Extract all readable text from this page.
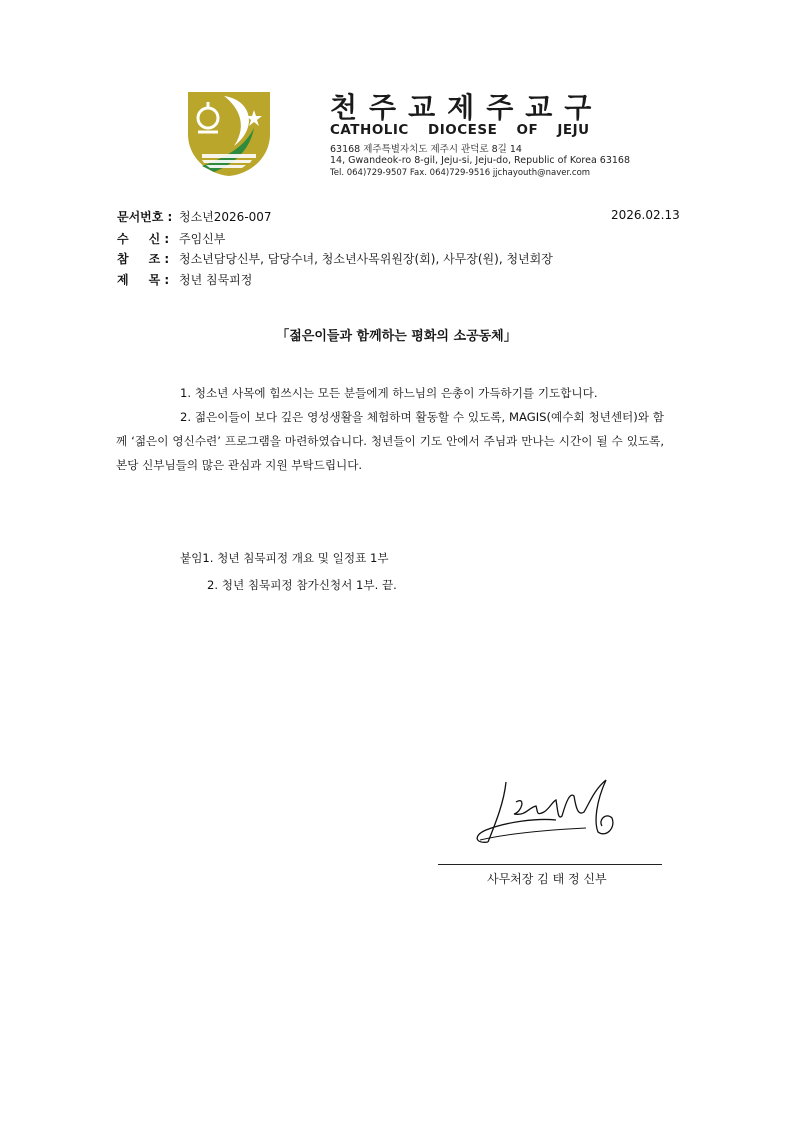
천주교제주교구
CATHOLIC DIOCESE OF JEJU
63168 제주특별자치도 제주시 관덕로 8길 14
14, Gwandeok-ro 8-gil, Jeju-si, Jeju-do, Republic of Korea 63168
Tel. 064)729-9507 Fax. 064)729-9516 jjchayouth@naver.com
문서번호 : 청소년2026-007	2026.02.13
수 신 : 주임신부
참 조 : 청소년담당신부, 담당수녀, 청소년사목위원장(회), 사무장(원), 청년회장
제 목 : 청년 침묵피정
「젊은이들과 함께하는 평화의 소공동체」
1. 청소년 사목에 힘쓰시는 모든 분들에게 하느님의 은총이 가득하기를 기도합니다.
2. 젊은이들이 보다 깊은 영성생활을 체험하며 활동할 수 있도록, MAGIS(예수회 청년센터)와 함께 ‘젊은이 영신수련’ 프로그램을 마련하였습니다. 청년들이 기도 안에서 주님과 만나는 시간이 될 수 있도록, 본당 신부님들의 많은 관심과 지원 부탁드립니다.
붙임1. 청년 침묵피정 개요 및 일정표 1부
2. 청년 침묵피정 참가신청서 1부. 끝.
사무처장 김 태 정 신부
